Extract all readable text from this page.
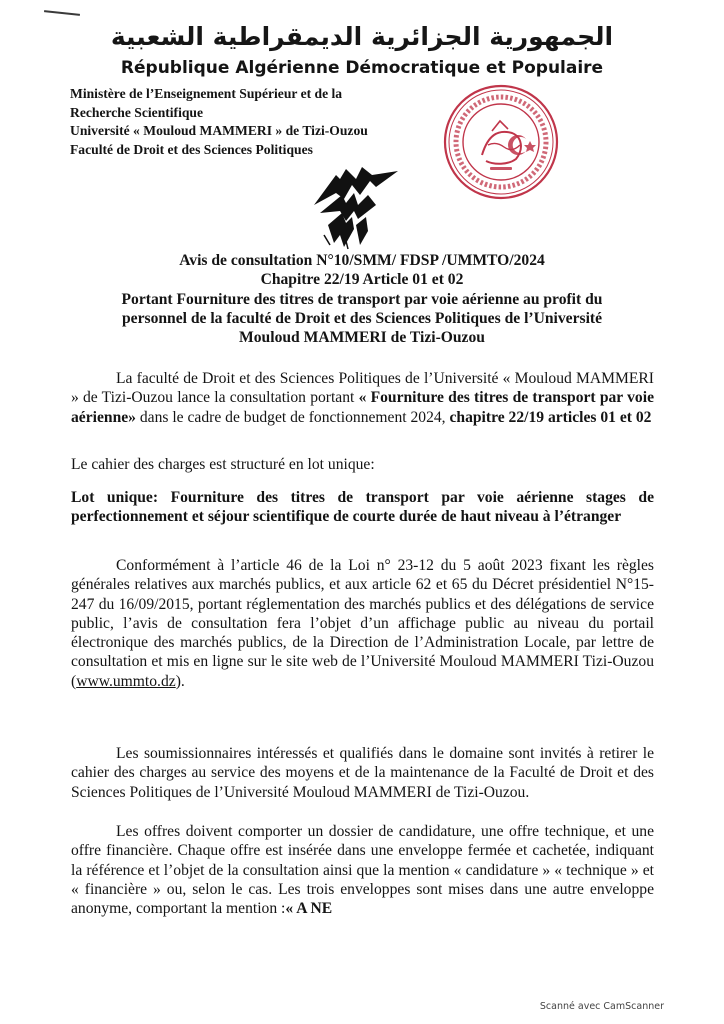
الجمهورية الجزائرية الديمقراطية الشعبية
République Algérienne Démocratique et Populaire
Ministère de l’Enseignement Supérieur et de la
Recherche Scientifique
Université « Mouloud MAMMERI » de Tizi-Ouzou
Faculté de Droit et des Sciences Politiques
Avis de consultation N°10/SMM/ FDSP /UMMTO/2024
Chapitre 22/19 Article 01 et 02
Portant Fourniture des titres de transport par voie aérienne au profit du
personnel de la faculté de Droit et des Sciences Politiques de l’Université
Mouloud MAMMERI de Tizi-Ouzou
La faculté de Droit et des Sciences Politiques de l’Université « Mouloud MAMMERI » de Tizi-Ouzou lance la consultation portant « Fourniture des titres de transport par voie aérienne» dans le cadre de budget de fonctionnement 2024, chapitre 22/19 articles 01 et 02
Le cahier des charges est structuré en lot unique:
Lot unique: Fourniture des titres de transport par voie aérienne stages de perfectionnement et séjour scientifique de courte durée de haut niveau à l’étranger
Conformément à l’article 46 de la Loi n° 23-12 du 5 août 2023 fixant les règles générales relatives aux marchés publics, et aux article 62 et 65 du Décret présidentiel N°15-247 du 16/09/2015, portant réglementation des marchés publics et des délégations de service public, l’avis de consultation fera l’objet d’un affichage public au niveau du portail électronique des marchés publics, de la Direction de l’Administration Locale, par lettre de consultation et mis en ligne sur le site web de l’Université Mouloud MAMMERI Tizi-Ouzou (www.ummto.dz).
Les soumissionnaires intéressés et qualifiés dans le domaine sont invités à retirer le cahier des charges au service des moyens et de la maintenance de la Faculté de Droit et des Sciences Politiques de l’Université Mouloud MAMMERI de Tizi-Ouzou.
Les offres doivent comporter un dossier de candidature, une offre technique, et une offre financière. Chaque offre est insérée dans une enveloppe fermée et cachetée, indiquant la référence et l’objet de la consultation ainsi que la mention « candidature » « technique » et « financière » ou, selon le cas. Les trois enveloppes sont mises dans une autre enveloppe anonyme, comportant la mention :« A NE
Scanné avec CamScanner
